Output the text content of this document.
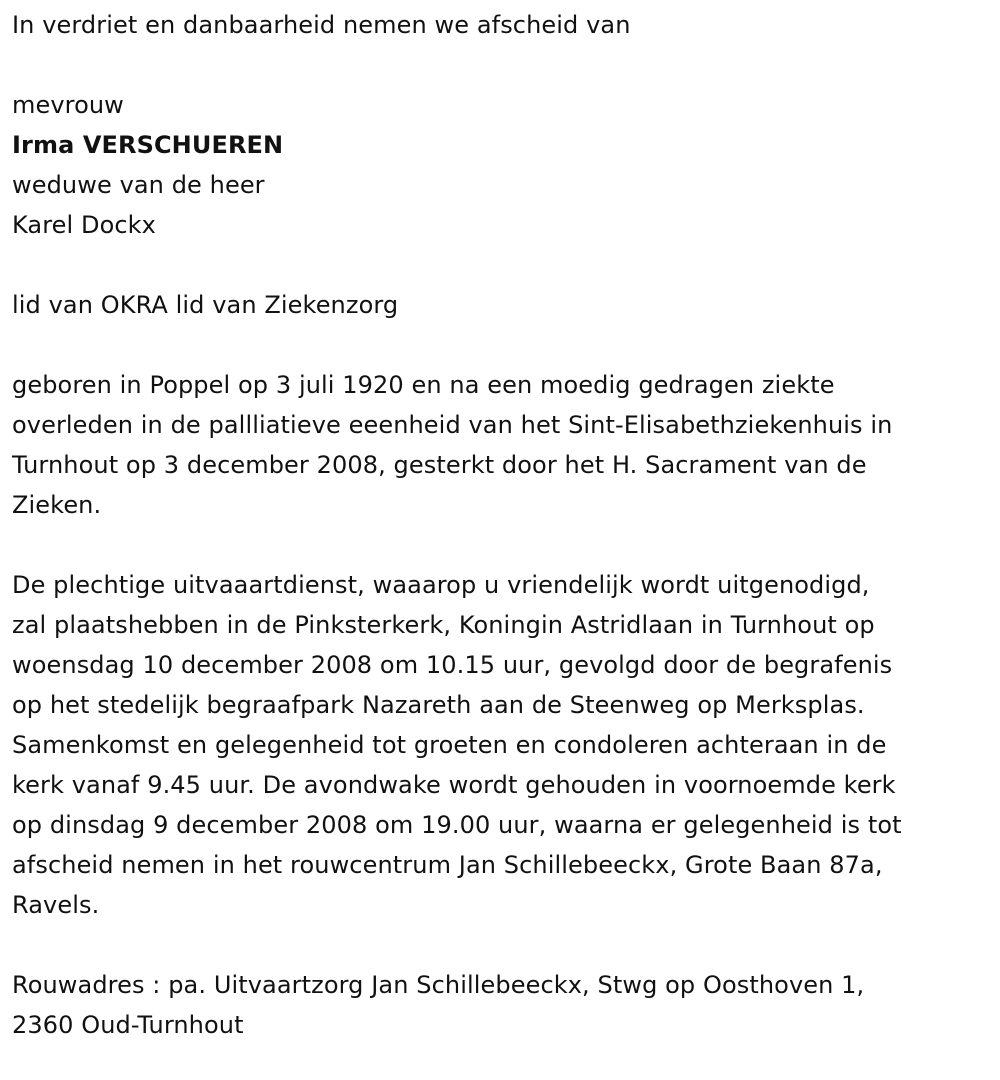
In verdriet en danbaarheid nemen we afscheid van
mevrouw
Irma VERSCHUEREN
weduwe van de heer
Karel Dockx
lid van OKRA lid van Ziekenzorg
geboren in Poppel op 3 juli 1920 en na een moedig gedragen ziekte
overleden in de pallliatieve eeenheid van het Sint-Elisabethziekenhuis in
Turnhout op 3 december 2008, gesterkt door het H. Sacrament van de
Zieken.
De plechtige uitvaaartdienst, waaarop u vriendelijk wordt uitgenodigd,
zal plaatshebben in de Pinksterkerk, Koningin Astridlaan in Turnhout op
woensdag 10 december 2008 om 10.15 uur, gevolgd door de begrafenis
op het stedelijk begraafpark Nazareth aan de Steenweg op Merksplas.
Samenkomst en gelegenheid tot groeten en condoleren achteraan in de
kerk vanaf 9.45 uur. De avondwake wordt gehouden in voornoemde kerk
op dinsdag 9 december 2008 om 19.00 uur, waarna er gelegenheid is tot
afscheid nemen in het rouwcentrum Jan Schillebeeckx, Grote Baan 87a,
Ravels.
Rouwadres : pa. Uitvaartzorg Jan Schillebeeckx, Stwg op Oosthoven 1,
2360 Oud-Turnhout
